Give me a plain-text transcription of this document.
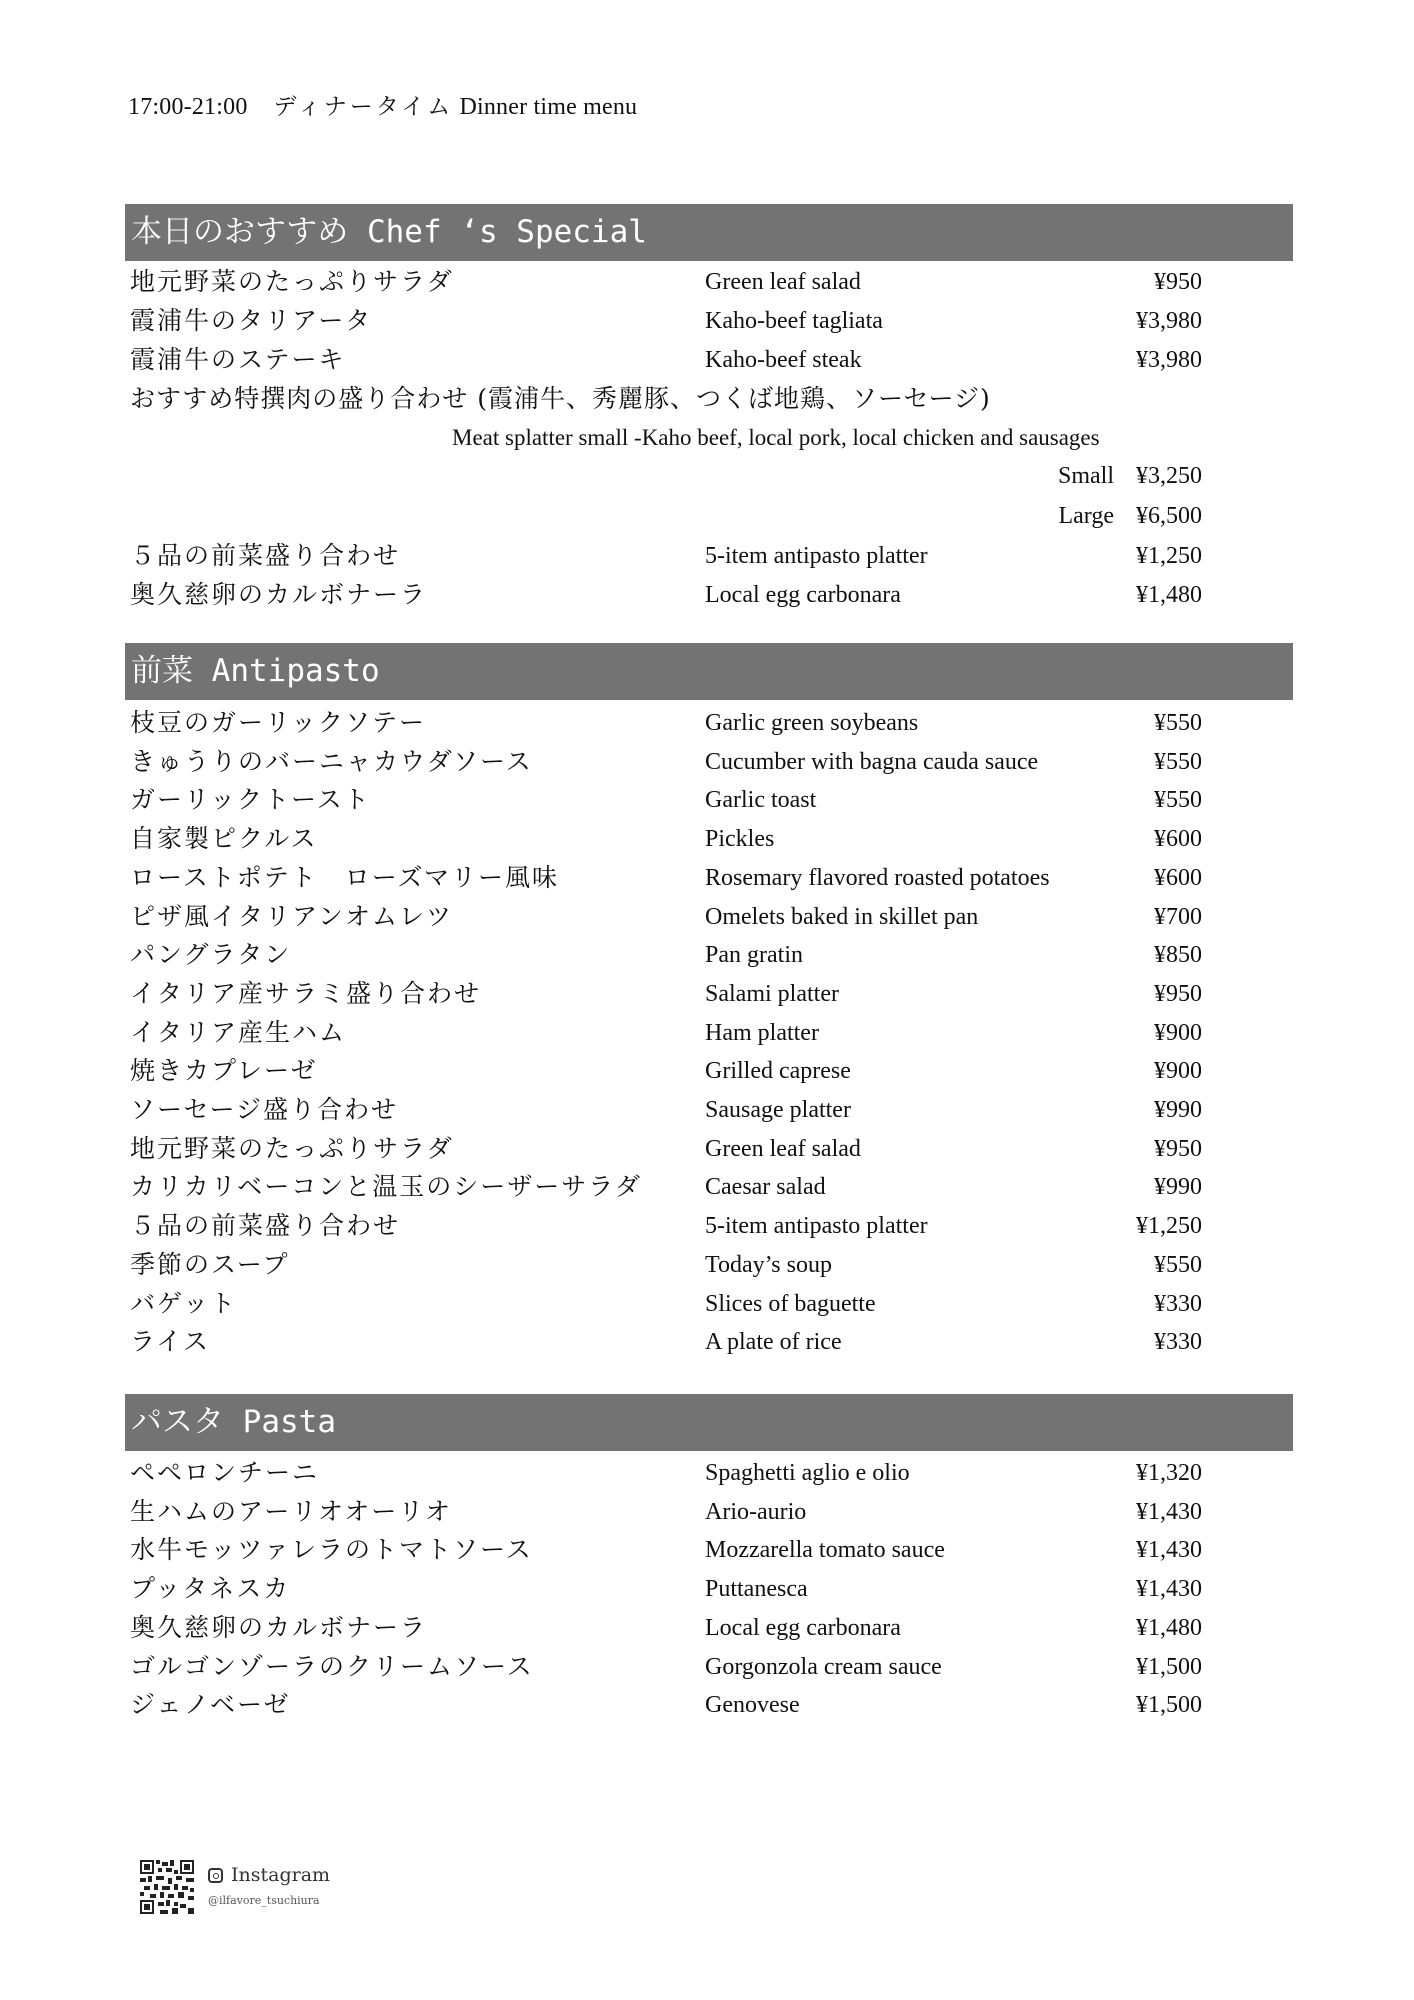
17:00-21:00 ディナータイム Dinner time menu
本日のおすすめ Chef ‘s Special
地元野菜のたっぷりサラダ	Green leaf salad	¥950
霞浦牛のタリアータ	Kaho-beef tagliata	¥3,980
霞浦牛のステーキ	Kaho-beef steak	¥3,980
おすすめ特撰肉の盛り合わせ (霞浦牛、秀麗豚、つくば地鶏、ソーセージ)
Meat splatter small -Kaho beef, local pork, local chicken and sausages
Small ¥3,250
Large ¥6,500
５品の前菜盛り合わせ	5-item antipasto platter	¥1,250
奥久慈卵のカルボナーラ	Local egg carbonara	¥1,480
前菜 Antipasto
枝豆のガーリックソテー	Garlic green soybeans	¥550
きゅうりのバーニャカウダソース	Cucumber with bagna cauda sauce	¥550
ガーリックトースト	Garlic toast	¥550
自家製ピクルス	Pickles	¥600
ローストポテト　ローズマリー風味	Rosemary flavored roasted potatoes	¥600
ピザ風イタリアンオムレツ	Omelets baked in skillet pan	¥700
パングラタン	Pan gratin	¥850
イタリア産サラミ盛り合わせ	Salami platter	¥950
イタリア産生ハム	Ham platter	¥900
焼きカプレーゼ	Grilled caprese	¥900
ソーセージ盛り合わせ	Sausage platter	¥990
地元野菜のたっぷりサラダ	Green leaf salad	¥950
カリカリベーコンと温玉のシーザーサラダ	Caesar salad	¥990
５品の前菜盛り合わせ	5-item antipasto platter	¥1,250
季節のスープ	Today’s soup	¥550
バゲット	Slices of baguette	¥330
ライス	A plate of rice	¥330
パスタ Pasta
ペペロンチーニ	Spaghetti aglio e olio	¥1,320
生ハムのアーリオオーリオ	Ario-aurio	¥1,430
水牛モッツァレラのトマトソース	Mozzarella tomato sauce	¥1,430
プッタネスカ	Puttanesca	¥1,430
奥久慈卵のカルボナーラ	Local egg carbonara	¥1,480
ゴルゴンゾーラのクリームソース	Gorgonzola cream sauce	¥1,500
ジェノベーゼ	Genovese	¥1,500
Instagram
@ilfavore_tsuchiura
